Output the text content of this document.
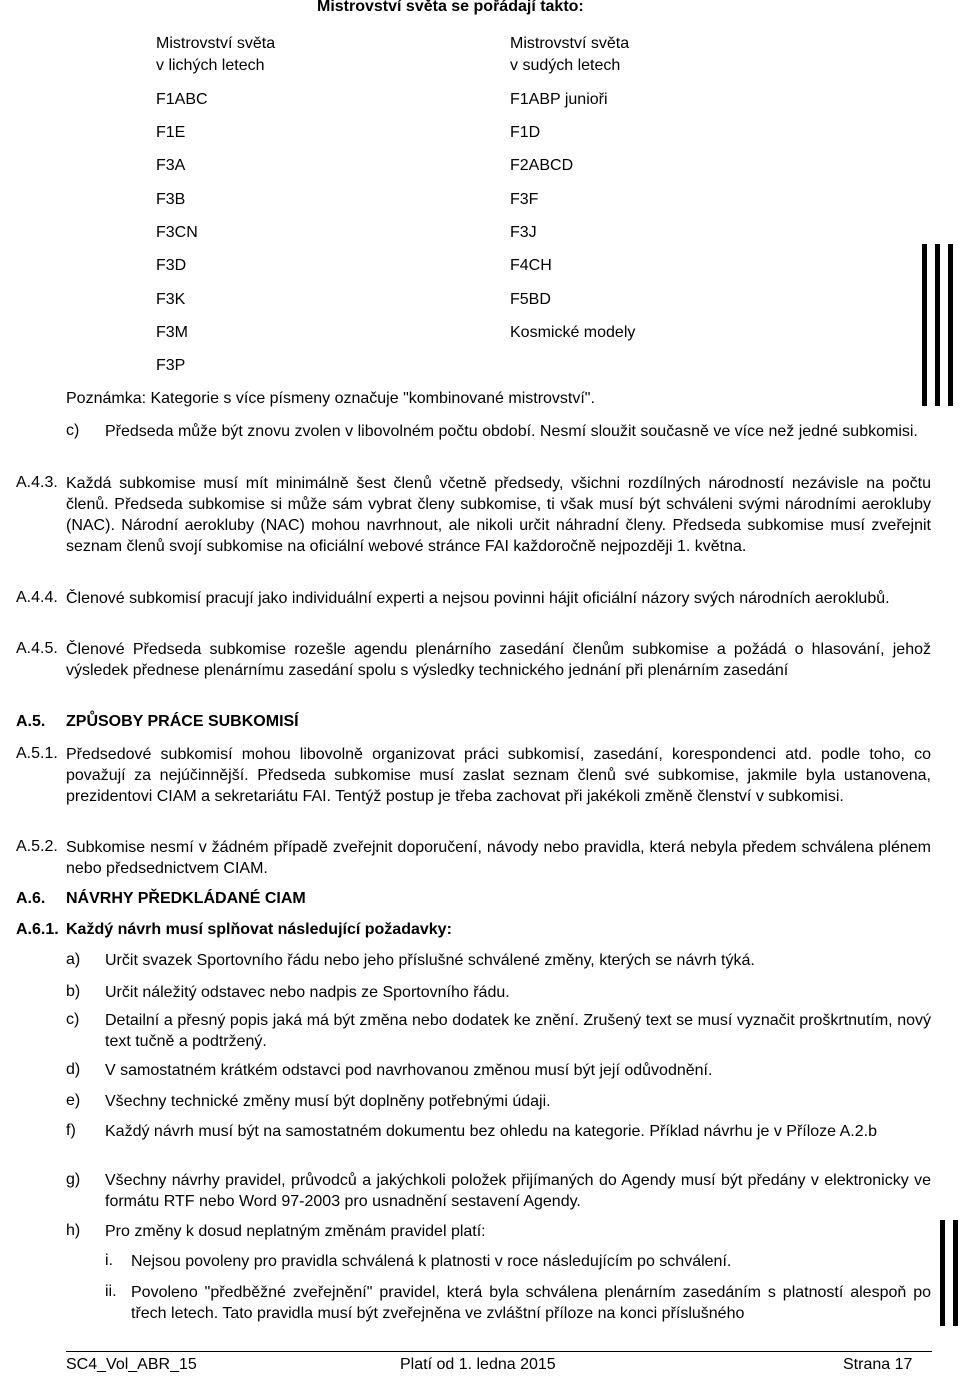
Mistrovství světa se pořádají takto:
Mistrovství světa
v lichých letech
F1ABC
F1E
F3A
F3B
F3CN
F3D
F3K
F3M
F3P
Mistrovství světa
v sudých letech
F1ABP junioři
F1D
F2ABCD
F3F
F3J
F4CH
F5BD
Kosmické modely
Poznámka: Kategorie s více písmeny označuje "kombinované mistrovství".
c) Předseda může být znovu zvolen v libovolném počtu období. Nesmí sloužit současně ve více než jedné subkomisi.
A.4.3. Každá subkomise musí mít minimálně šest členů včetně předsedy, všichni rozdílných národností nezávisle na počtu členů. Předseda subkomise si může sám vybrat členy subkomise, ti však musí být schváleni svými národními aerokluby (NAC). Národní aerokluby (NAC) mohou navrhnout, ale nikoli určit náhradní členy. Předseda subkomise musí zveřejnit seznam členů svojí subkomise na oficiální webové stránce FAI každoročně nejpozději 1. května.
A.4.4. Členové subkomisí pracují jako individuální experti a nejsou povinni hájit oficiální názory svých národních aeroklubů.
A.4.5. Členové Předseda subkomise rozešle agendu plenárního zasedání členům subkomise a požádá o hlasování, jehož výsledek přednese plenárnímu zasedání spolu s výsledky technického jednání při plenárním zasedání
A.5. ZPŮSOBY PRÁCE SUBKOMISÍ
A.5.1. Předsedové subkomisí mohou libovolně organizovat práci subkomisí, zasedání, korespondenci atd. podle toho, co považují za nejúčinnější. Předseda subkomise musí zaslat seznam členů své subkomise, jakmile byla ustanovena, prezidentovi CIAM a sekretariátu FAI. Tentýž postup je třeba zachovat při jakékoli změně členství v subkomisi.
A.5.2. Subkomise nesmí v žádném případě zveřejnit doporučení, návody nebo pravidla, která nebyla předem schválena plénem nebo předsednictvem CIAM.
A.6. NÁVRHY PŘEDKLÁDANÉ CIAM
A.6.1. Každý návrh musí splňovat následující požadavky:
a) Určit svazek Sportovního řádu nebo jeho příslušné schválené změny, kterých se návrh týká.
b) Určit náležitý odstavec nebo nadpis ze Sportovního řádu.
c) Detailní a přesný popis jaká má být změna nebo dodatek ke znění. Zrušený text se musí vyznačit proškrtnutím, nový text tučně a podtržený.
d) V samostatném krátkém odstavci pod navrhovanou změnou musí být její odůvodnění.
e) Všechny technické změny musí být doplněny potřebnými údaji.
f) Každý návrh musí být na samostatném dokumentu bez ohledu na kategorie. Příklad návrhu je v Příloze A.2.b
g) Všechny návrhy pravidel, průvodců a jakýchkoli položek přijímaných do Agendy musí být předány v elektronicky ve formátu RTF nebo Word 97-2003 pro usnadnění sestavení Agendy.
h) Pro změny k dosud neplatným změnám pravidel platí:
i. Nejsou povoleny pro pravidla schválená k platnosti v roce následujícím po schválení.
ii. Povoleno "předběžné zveřejnění" pravidel, která byla schválena plenárním zasedáním s platností alespoň po třech letech. Tato pravidla musí být zveřejněna ve zvláštní příloze na konci příslušného
SC4_Vol_ABR_15	Platí od 1. ledna 2015	Strana 17
